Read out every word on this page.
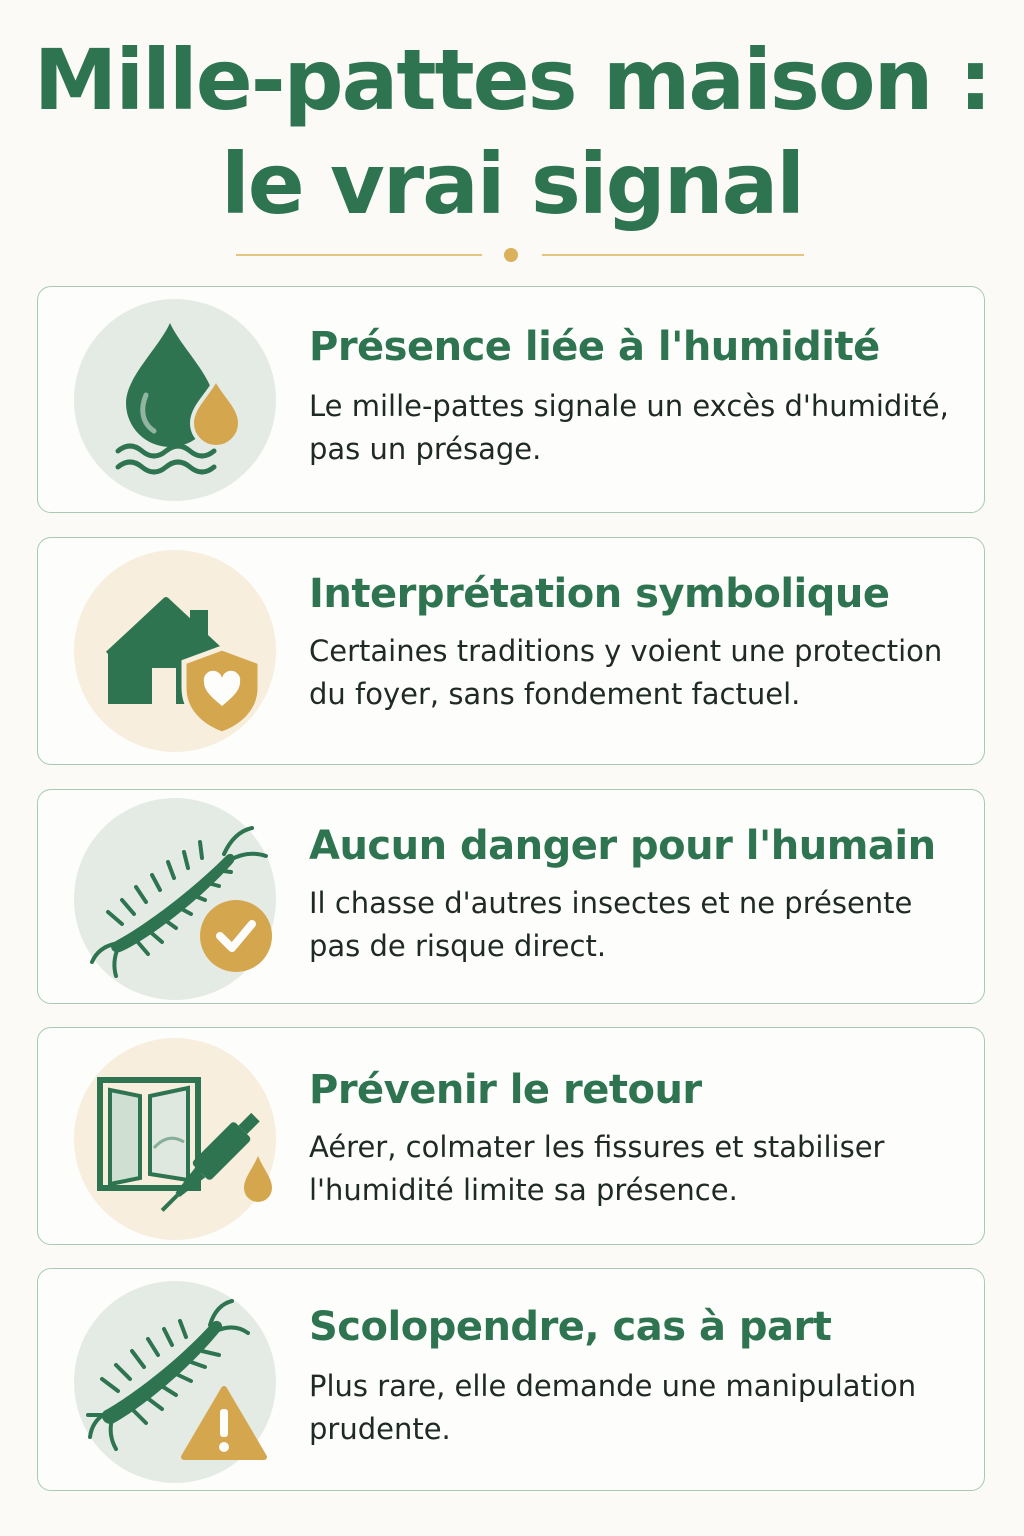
Mille-pattes maison :
le vrai signal
Présence liée à l'humidité
Le mille-pattes signale un excès d'humidité, pas un présage.
Interprétation symbolique
Certaines traditions y voient une protection du foyer, sans fondement factuel.
Aucun danger pour l'humain
Il chasse d'autres insectes et ne présente pas de risque direct.
Prévenir le retour
Aérer, colmater les fissures et stabiliser l'humidité limite sa présence.
Scolopendre, cas à part
Plus rare, elle demande une manipulation prudente.
